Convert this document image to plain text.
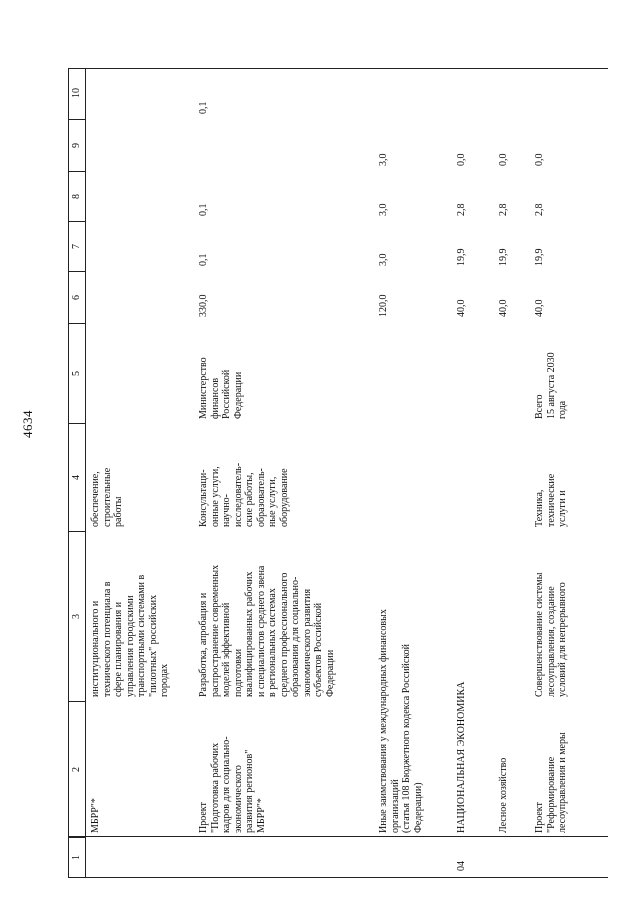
4634
1
2
3
4
5
6
7
8
9
10
МБРР"*
институционального и
технического потенциала в
сфере планирования и
управления городскими
транспортными системами в
"пилотных" российских
городах
обеспечение,
строительные
работы
Проект
"Подготовка рабочих
кадров для социально-
экономического
развития регионов"
МБРР"*
Разработка, апробация и
распространение современных
моделей эффективной
подготовки
квалифицированных рабочих
и специалистов среднего звена
в региональных системах
среднего профессионального
образования для социально-
экономического развития
субъектов Российской
Федерации
Консультаци-
онные услуги,
научно-
исследователь-
ские работы,
образователь-
ные услуги,
оборудование
Министерство
финансов
Российской
Федерации
330,0
0,1
0,1
0,1
Иные заимствования у международных финансовых
организаций
(статья 108 Бюджетного кодекса Российской
Федерации)
120,0
3,0
3,0
3,0
04
НАЦИОНАЛЬНАЯ ЭКОНОМИКА
40,0
19,9
2,8
0,0
Лесное хозяйство
40,0
19,9
2,8
0,0
Проект
"Реформирование
лесоуправления и меры
Совершенствование системы
лесоуправления, создание
условий для непрерывного
Техника,
технические
услуги и
Всего
15 августа 2030
года
40,0
19,9
2,8
0,0
